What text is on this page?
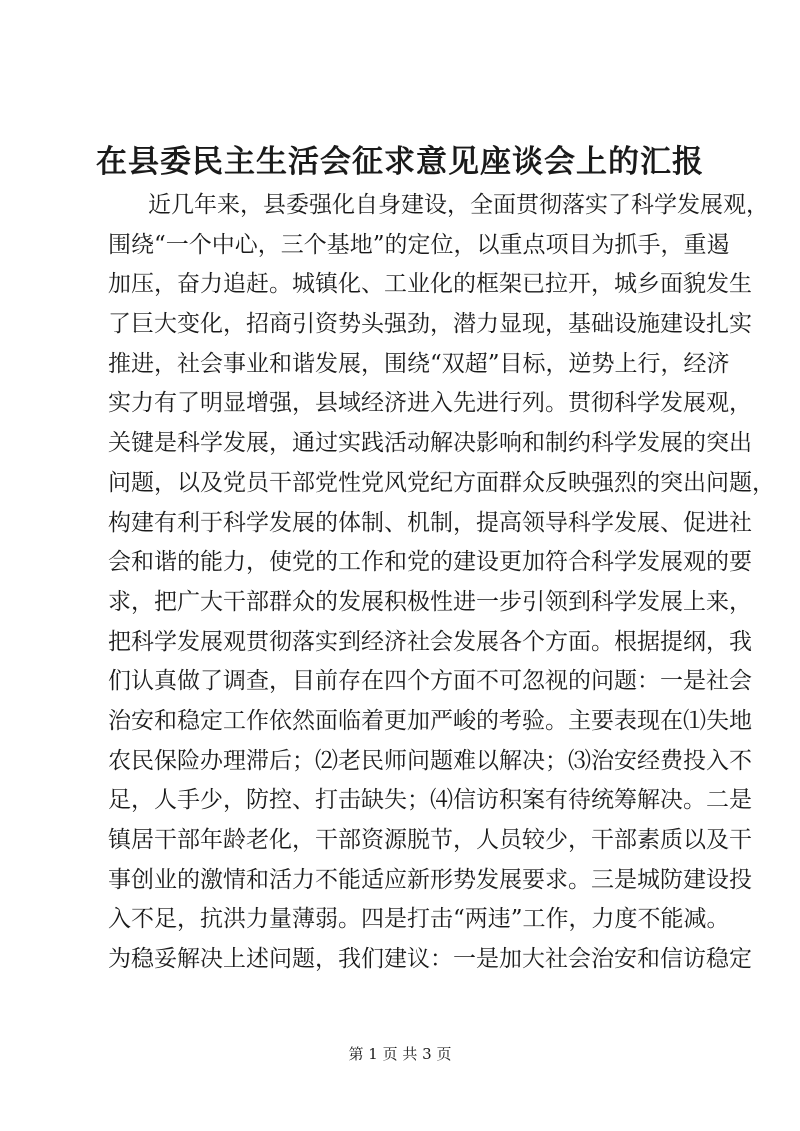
在县委民主生活会征求意见座谈会上的汇报
近几年来，县委强化自身建设，全面贯彻落实了科学发展观，
围绕“一个中心，三个基地”的定位，以重点项目为抓手，重遏
加压，奋力追赶。城镇化、工业化的框架已拉开，城乡面貌发生
了巨大变化，招商引资势头强劲，潜力显现，基础设施建设扎实
推进，社会事业和谐发展，围绕“双超”目标，逆势上行，经济
实力有了明显增强，县域经济进入先进行列。贯彻科学发展观，
关键是科学发展，通过实践活动解决影响和制约科学发展的突出
问题，以及党员干部党性党风党纪方面群众反映强烈的突出问题，
构建有利于科学发展的体制、机制，提高领导科学发展、促进社
会和谐的能力，使党的工作和党的建设更加符合科学发展观的要
求，把广大干部群众的发展积极性进一步引领到科学发展上来，
把科学发展观贯彻落实到经济社会发展各个方面。根据提纲，我
们认真做了调查，目前存在四个方面不可忽视的问题：一是社会
治安和稳定工作依然面临着更加严峻的考验。主要表现在⑴失地
农民保险办理滞后；⑵老民师问题难以解决；⑶治安经费投入不
足，人手少，防控、打击缺失；⑷信访积案有待统筹解决。二是
镇居干部年龄老化，干部资源脱节，人员较少，干部素质以及干
事创业的激情和活力不能适应新形势发展要求。三是城防建设投
入不足，抗洪力量薄弱。四是打击“两违”工作，力度不能减。
为稳妥解决上述问题，我们建议：一是加大社会治安和信访稳定
第 1 页 共 3 页
